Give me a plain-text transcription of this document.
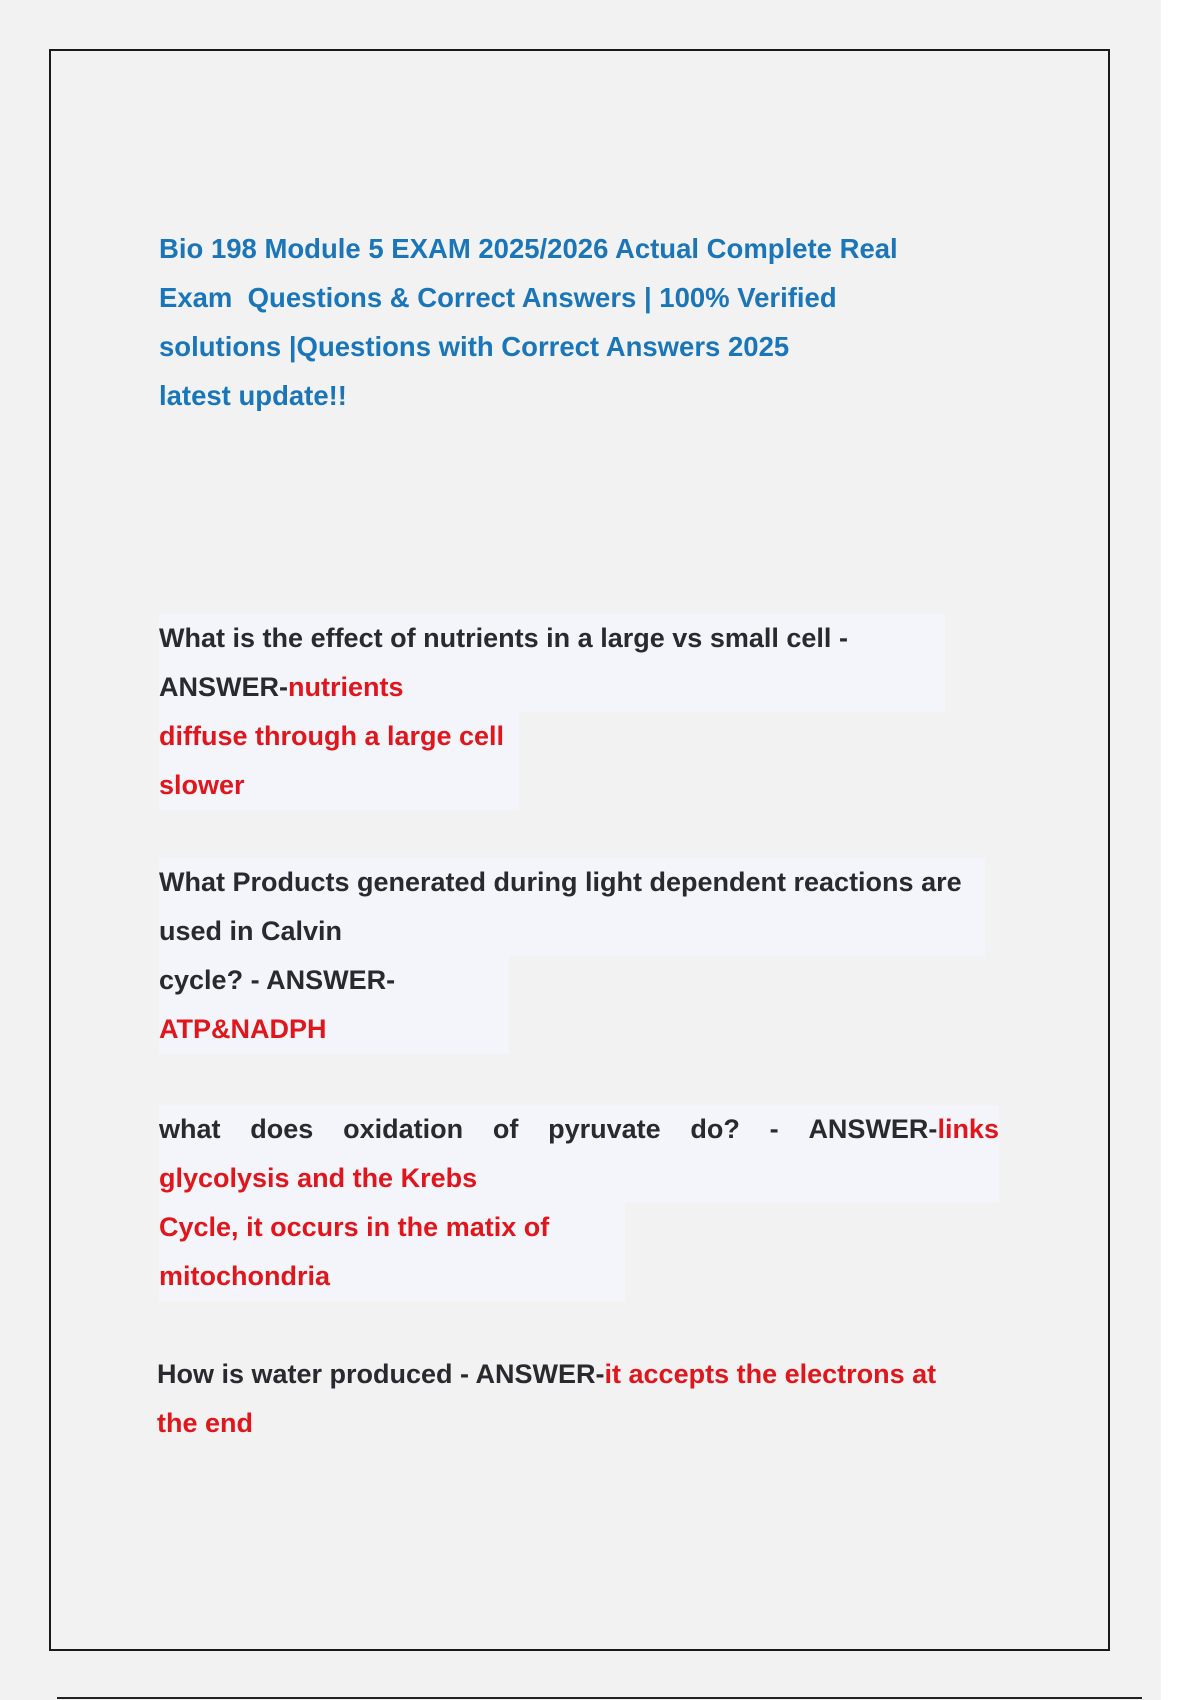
Bio 198 Module 5 EXAM 2025/2026 Actual Complete Real
Exam  Questions & Correct Answers | 100% Verified
solutions |Questions with Correct Answers 2025
latest update!!
What is the effect of nutrients in a large vs small cell -
ANSWER-nutrients
diffuse through a large cell
slower
What Products generated during light dependent reactions are
used in Calvin
cycle? - ANSWER-
ATP&NADPH
what does oxidation of pyruvate do? - ANSWER-links
glycolysis and the Krebs
Cycle, it occurs in the matix of
mitochondria
How is water produced - ANSWER-it accepts the electrons at
the end
